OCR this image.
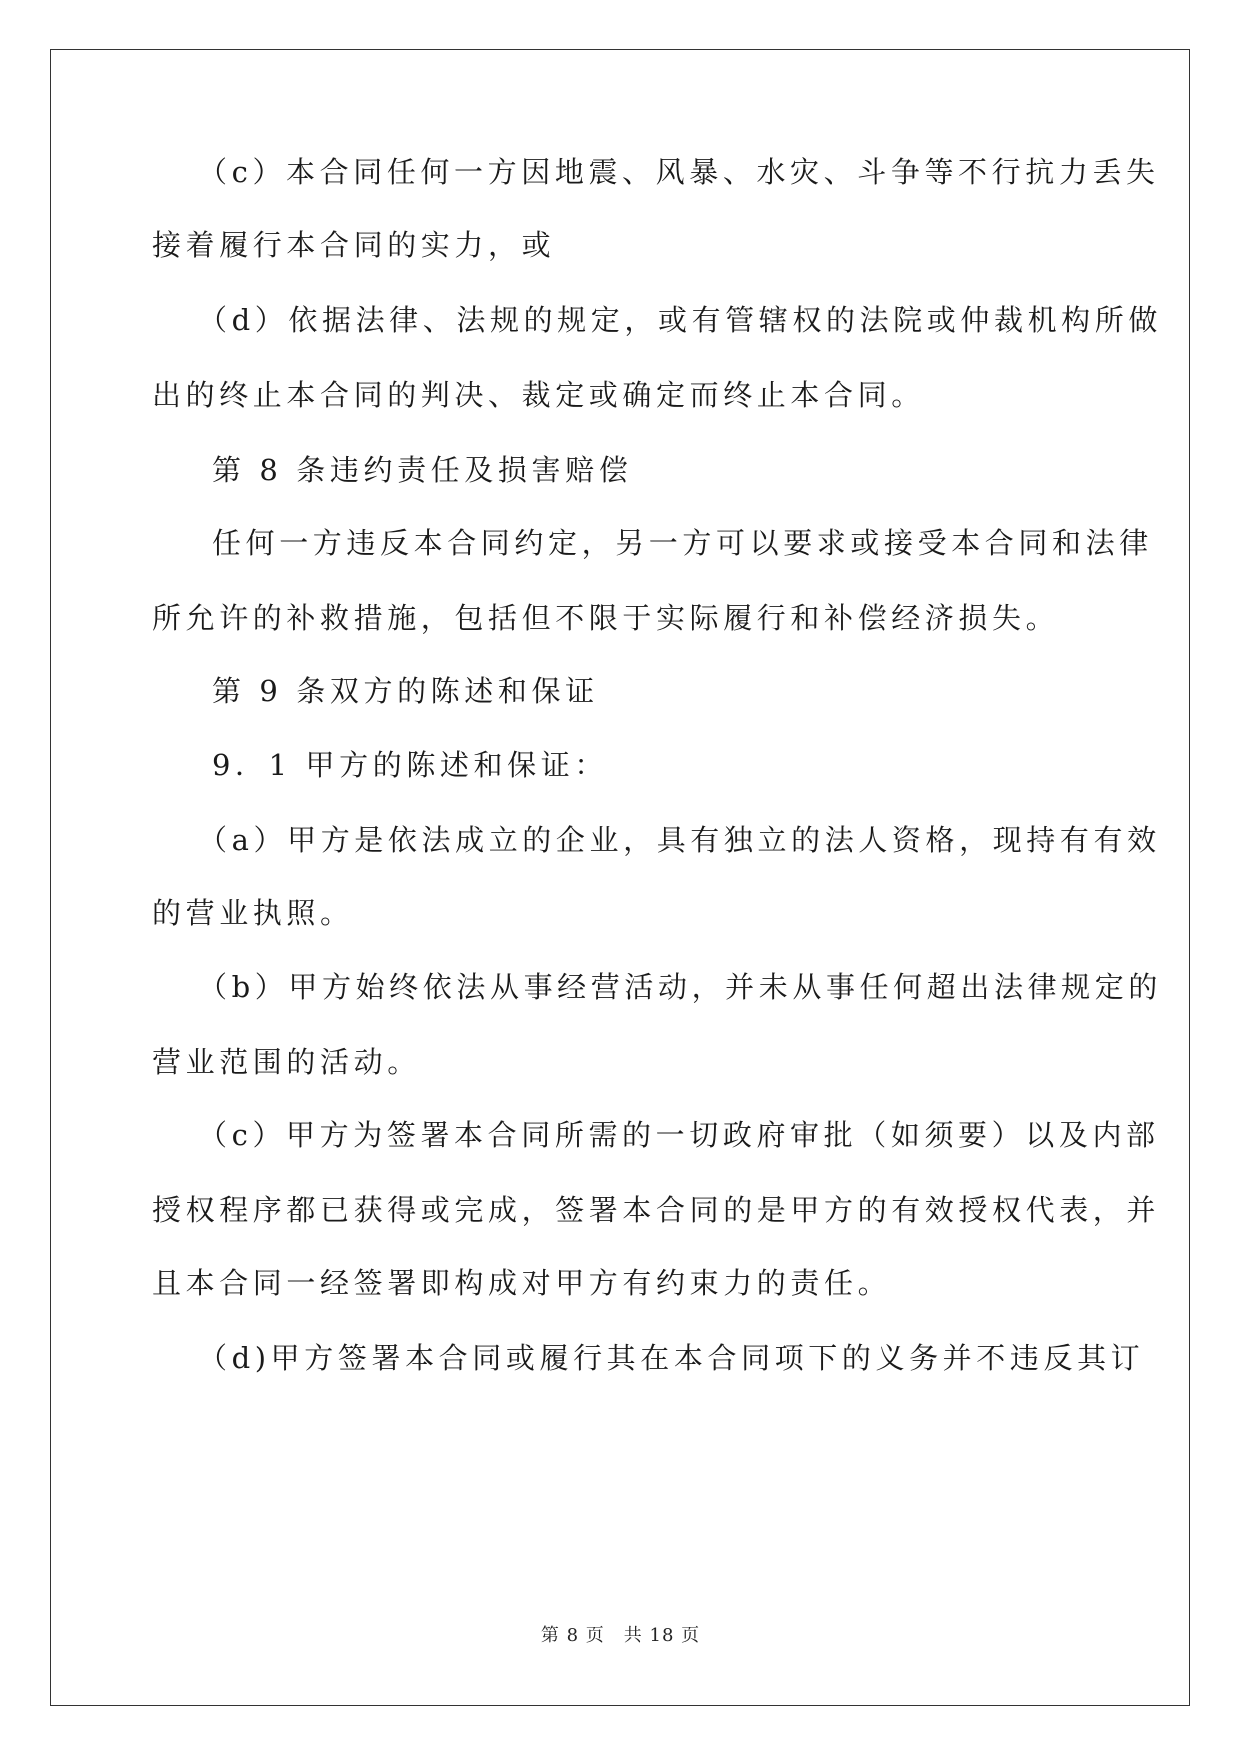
（c）本合同任何一方因地震、风暴、水灾、斗争等不行抗力丢失
接着履行本合同的实力，或
（d）依据法律、法规的规定，或有管辖权的法院或仲裁机构所做
出的终止本合同的判决、裁定或确定而终止本合同。
第 8 条违约责任及损害赔偿
任何一方违反本合同约定，另一方可以要求或接受本合同和法律
所允许的补救措施，包括但不限于实际履行和补偿经济损失。
第 9 条双方的陈述和保证
9．1 甲方的陈述和保证：
（a）甲方是依法成立的企业，具有独立的法人资格，现持有有效
的营业执照。
（b）甲方始终依法从事经营活动，并未从事任何超出法律规定的
营业范围的活动。
（c）甲方为签署本合同所需的一切政府审批（如须要）以及内部
授权程序都已获得或完成，签署本合同的是甲方的有效授权代表，并
且本合同一经签署即构成对甲方有约束力的责任。
（d)甲方签署本合同或履行其在本合同项下的义务并不违反其订
第 8 页　共 18 页
